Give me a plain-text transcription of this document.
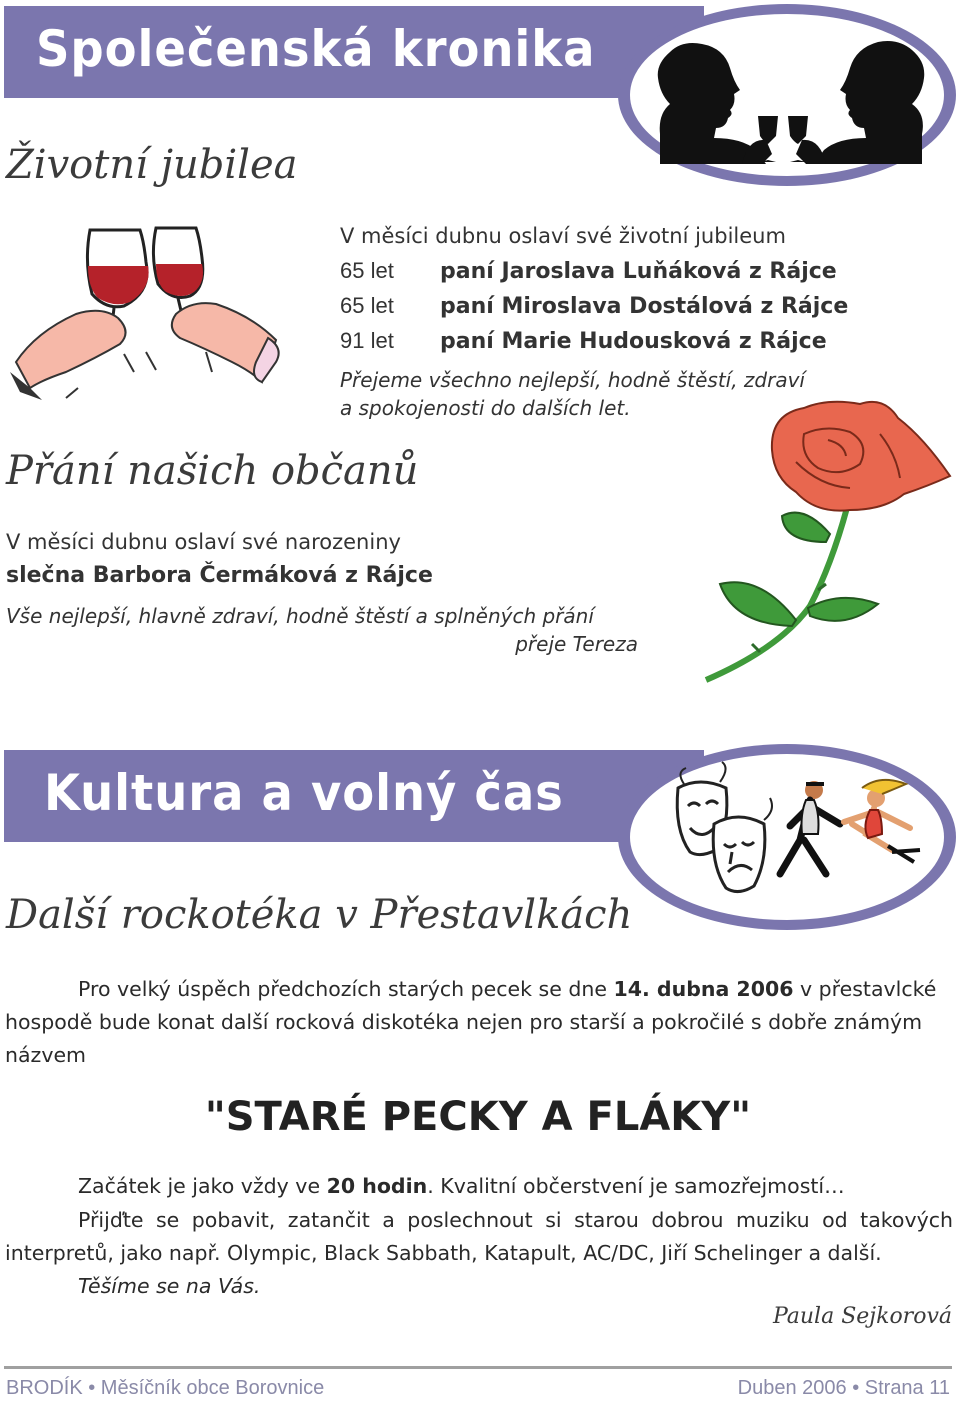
Společenská kronika
Životní jubilea
V měsíci dubnu oslaví své životní jubileum
65 let paní Jaroslava Luňáková z Rájce
65 let paní Miroslava Dostálová z Rájce
91 let paní Marie Hudousková z Rájce
Přejeme všechno nejlepší, hodně štěstí, zdraví
a spokojenosti do dalších let.
Přání našich občanů
V měsíci dubnu oslaví své narozeniny
slečna Barbora Čermáková z Rájce
Vše nejlepší, hlavně zdraví, hodně štěstí a splněných přání
přeje Tereza
Kultura a volný čas
Další rockotéka v Přestavlkách
Pro velký úspěch předchozích starých pecek se dne 14. dubna 2006 v přestavlcké hospodě bude konat další rocková diskotéka nejen pro starší a pokročilé s dobře známým názvem
"STARÉ PECKY A FLÁKY"
Začátek je jako vždy ve 20 hodin. Kvalitní občerstvení je samozřejmostí…
Přijďte se pobavit, zatančit a poslechnout si starou dobrou muziku od takových interpretů, jako např. Olympic, Black Sabbath, Katapult, AC/DC, Jiří Schelinger a další.
Těšíme se na Vás.
Paula Sejkorová
BRODÍK • Měsíčník obce Borovnice	Duben 2006 • Strana 11
